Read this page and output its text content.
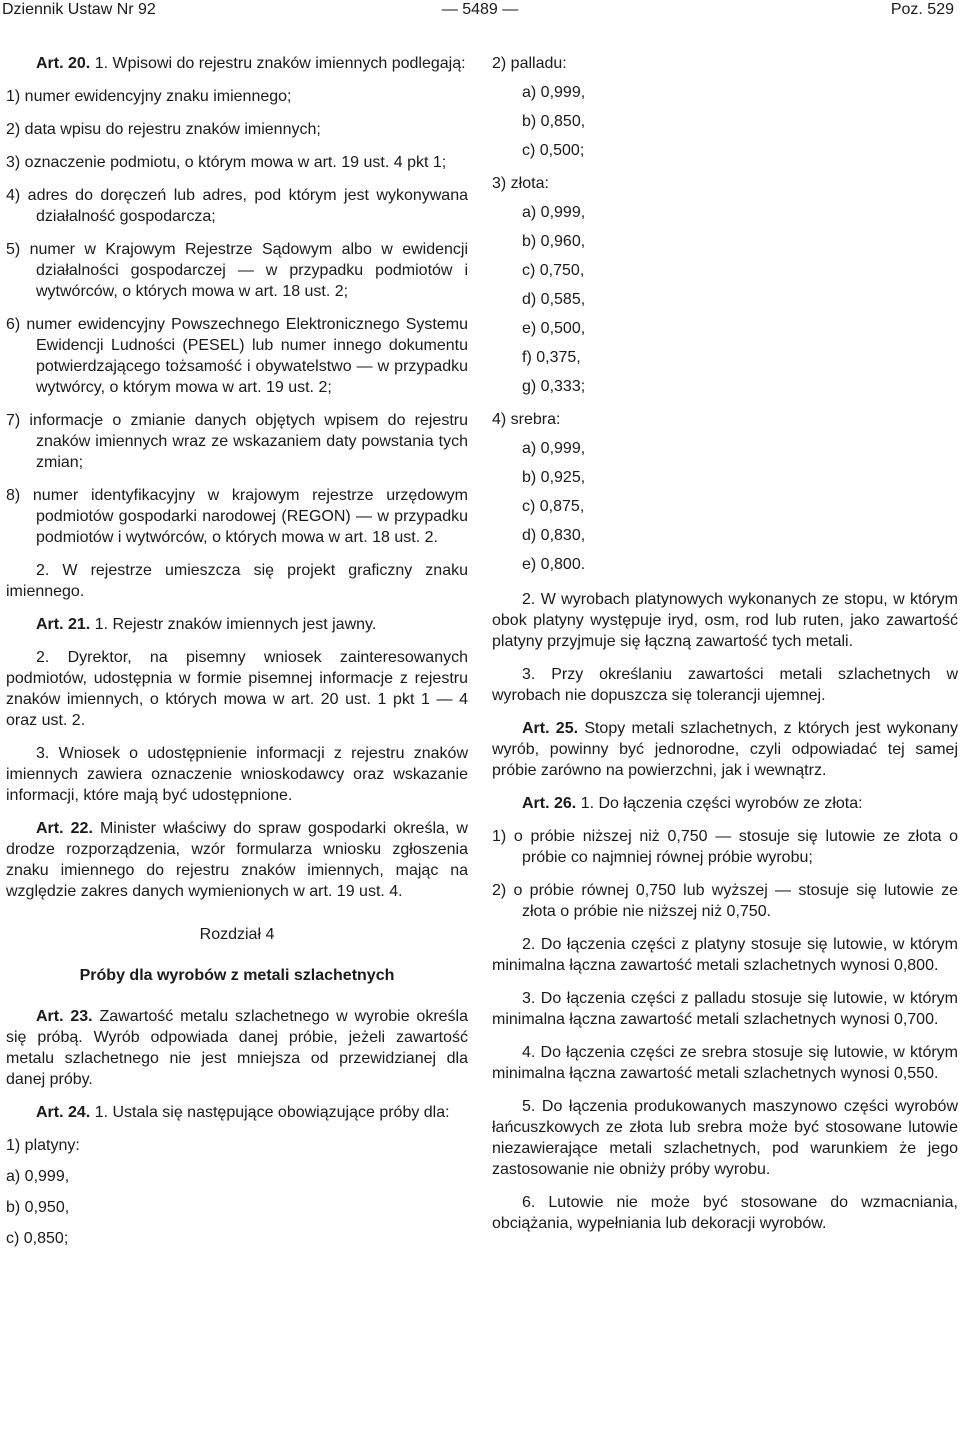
Dziennik Ustaw Nr 92	— 5489 —	Poz. 529

Art. 20. 1. Wpisowi do rejestru znaków imiennych podlegają:

1) numer ewidencyjny znaku imiennego;

2) data wpisu do rejestru znaków imiennych;

3) oznaczenie podmiotu, o którym mowa w art. 19 ust. 4 pkt 1;

4) adres do doręczeń lub adres, pod którym jest wykonywana działalność gospodarcza;

5) numer w Krajowym Rejestrze Sądowym albo w ewidencji działalności gospodarczej — w przypadku podmiotów i wytwórców, o których mowa w art. 18 ust. 2;

6) numer ewidencyjny Powszechnego Elektronicznego Systemu Ewidencji Ludności (PESEL) lub numer innego dokumentu potwierdzającego tożsamość i obywatelstwo — w przypadku wytwórcy, o którym mowa w art. 19 ust. 2;

7) informacje o zmianie danych objętych wpisem do rejestru znaków imiennych wraz ze wskazaniem daty powstania tych zmian;

8) numer identyfikacyjny w krajowym rejestrze urzędowym podmiotów gospodarki narodowej (REGON) — w przypadku podmiotów i wytwórców, o których mowa w art. 18 ust. 2.

2. W rejestrze umieszcza się projekt graficzny znaku imiennego.

Art. 21. 1. Rejestr znaków imiennych jest jawny.

2. Dyrektor, na pisemny wniosek zainteresowanych podmiotów, udostępnia w formie pisemnej informacje z rejestru znaków imiennych, o których mowa w art. 20 ust. 1 pkt 1 — 4 oraz ust. 2.

3. Wniosek o udostępnienie informacji z rejestru znaków imiennych zawiera oznaczenie wnioskodawcy oraz wskazanie informacji, które mają być udostępnione.

Art. 22. Minister właściwy do spraw gospodarki określa, w drodze rozporządzenia, wzór formularza wniosku zgłoszenia znaku imiennego do rejestru znaków imiennych, mając na względzie zakres danych wymienionych w art. 19 ust. 4.

Rozdział 4

Próby dla wyrobów z metali szlachetnych

Art. 23. Zawartość metalu szlachetnego w wyrobie określa się próbą. Wyrób odpowiada danej próbie, jeżeli zawartość metalu szlachetnego nie jest mniejsza od przewidzianej dla danej próby.

Art. 24. 1. Ustala się następujące obowiązujące próby dla:

1) platyny:

a) 0,999,

b) 0,950,

c) 0,850;

2) palladu:

a) 0,999,

b) 0,850,

c) 0,500;

3) złota:

a) 0,999,

b) 0,960,

c) 0,750,

d) 0,585,

e) 0,500,

f) 0,375,

g) 0,333;

4) srebra:

a) 0,999,

b) 0,925,

c) 0,875,

d) 0,830,

e) 0,800.

2. W wyrobach platynowych wykonanych ze stopu, w którym obok platyny występuje iryd, osm, rod lub ruten, jako zawartość platyny przyjmuje się łączną zawartość tych metali.

3. Przy określaniu zawartości metali szlachetnych w wyrobach nie dopuszcza się tolerancji ujemnej.

Art. 25. Stopy metali szlachetnych, z których jest wykonany wyrób, powinny być jednorodne, czyli odpowiadać tej samej próbie zarówno na powierzchni, jak i wewnątrz.

Art. 26. 1. Do łączenia części wyrobów ze złota:

1) o próbie niższej niż 0,750 — stosuje się lutowie ze złota o próbie co najmniej równej próbie wyrobu;

2) o próbie równej 0,750 lub wyższej — stosuje się lutowie ze złota o próbie nie niższej niż 0,750.

2. Do łączenia części z platyny stosuje się lutowie, w którym minimalna łączna zawartość metali szlachetnych wynosi 0,800.

3. Do łączenia części z palladu stosuje się lutowie, w którym minimalna łączna zawartość metali szlachetnych wynosi 0,700.

4. Do łączenia części ze srebra stosuje się lutowie, w którym minimalna łączna zawartość metali szlachetnych wynosi 0,550.

5. Do łączenia produkowanych maszynowo części wyrobów łańcuszkowych ze złota lub srebra może być stosowane lutowie niezawierające metali szlachetnych, pod warunkiem że jego zastosowanie nie obniży próby wyrobu.

6. Lutowie nie może być stosowane do wzmacniania, obciążania, wypełniania lub dekoracji wyrobów.
